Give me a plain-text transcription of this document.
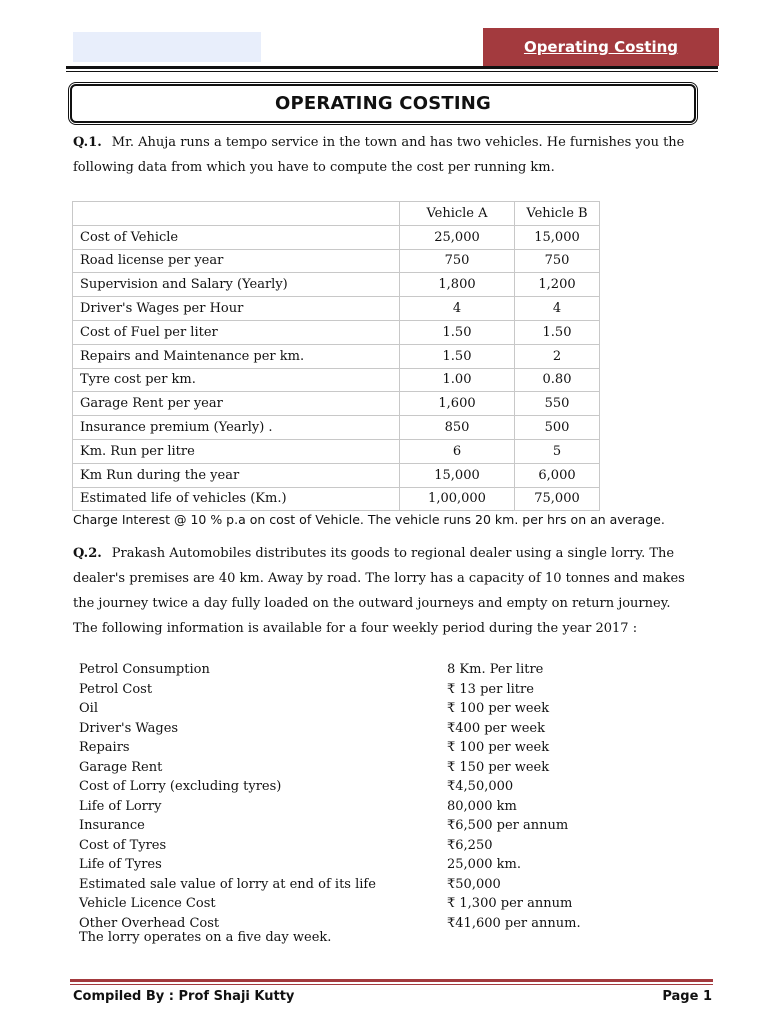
Operating Costing
OPERATING COSTING
Q.1. Mr. Ahuja runs a tempo service in the town and has two vehicles. He furnishes you the
following data from which you have to compute the cost per running km.
	Vehicle A	Vehicle B
Cost of Vehicle	25,000	15,000
Road license per year	750	750
Supervision and Salary (Yearly)	1,800	1,200
Driver's Wages per Hour	4	4
Cost of Fuel per liter	1.50	1.50
Repairs and Maintenance per km.	1.50	2
Tyre cost per km.	1.00	0.80
Garage Rent per year	1,600	550
Insurance premium (Yearly) .	850	500
Km. Run per litre	6	5
Km Run during the year	15,000	6,000
Estimated life of vehicles (Km.)	1,00,000	75,000
Charge Interest @ 10 % p.a on cost of Vehicle. The vehicle runs 20 km. per hrs on an average.
Q.2. Prakash Automobiles distributes its goods to regional dealer using a single lorry. The
dealer's premises are 40 km. Away by road. The lorry has a capacity of 10 tonnes and makes
the journey twice a day fully loaded on the outward journeys and empty on return journey.
The following information is available for a four weekly period during the year 2017 :
Petrol Consumption	8 Km. Per litre
Petrol Cost	₹ 13 per litre
Oil	₹ 100 per week
Driver's Wages	₹400 per week
Repairs	₹ 100 per week
Garage Rent	₹ 150 per week
Cost of Lorry (excluding tyres)	₹4,50,000
Life of Lorry	80,000 km
Insurance	₹6,500 per annum
Cost of Tyres	₹6,250
Life of Tyres	25,000 km.
Estimated sale value of lorry at end of its life	₹50,000
Vehicle Licence Cost	₹ 1,300 per annum
Other Overhead Cost	₹41,600 per annum.
The lorry operates on a five day week.
Compiled By : Prof Shaji Kutty	Page 1
